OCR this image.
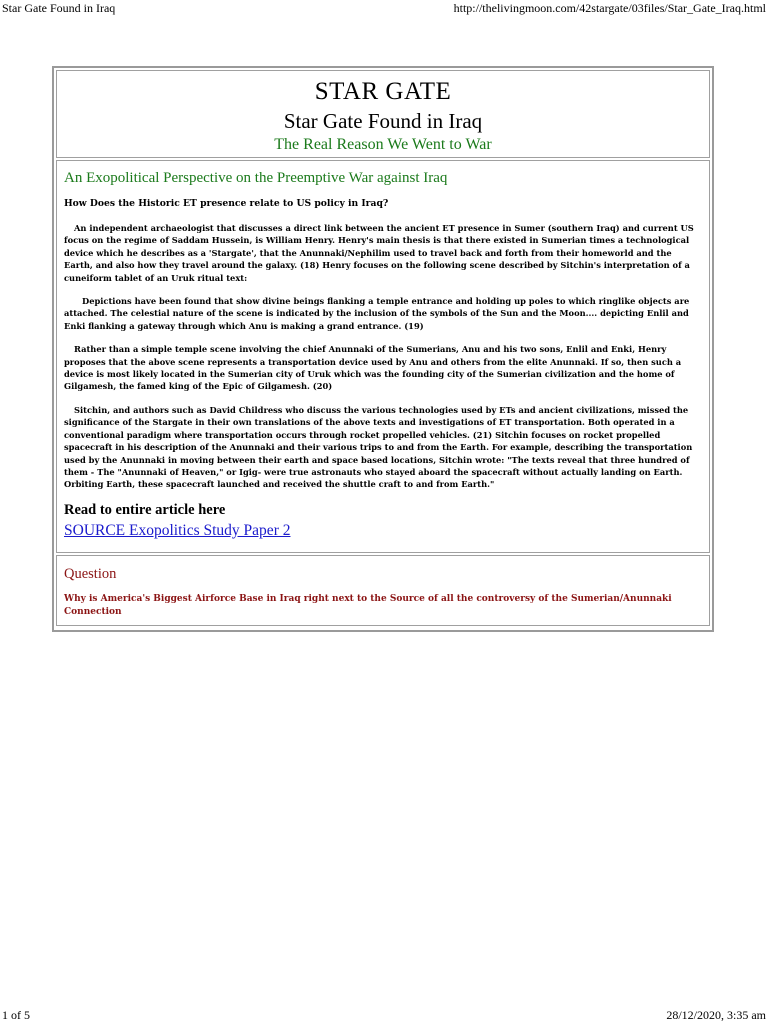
Star Gate Found in Iraq	http://thelivingmoon.com/42stargate/03files/Star_Gate_Iraq.html
STAR GATE
Star Gate Found in Iraq
The Real Reason We Went to War
An Exopolitical Perspective on the Preemptive War against Iraq
How Does the Historic ET presence relate to US policy in Iraq?

An independent archaeologist that discusses a direct link between the ancient ET presence in Sumer (southern Iraq) and current US focus on the regime of Saddam Hussein, is William Henry. Henry's main thesis is that there existed in Sumerian times a technological device which he describes as a 'Stargate', that the Anunnaki/Nephilim used to travel back and forth from their homeworld and the Earth, and also how they travel around the galaxy. (18) Henry focuses on the following scene described by Sitchin's interpretation of a cuneiform tablet of an Uruk ritual text:

Depictions have been found that show divine beings flanking a temple entrance and holding up poles to which ringlike objects are attached. The celestial nature of the scene is indicated by the inclusion of the symbols of the Sun and the Moon.... depicting Enlil and Enki flanking a gateway through which Anu is making a grand entrance. (19)

Rather than a simple temple scene involving the chief Anunnaki of the Sumerians, Anu and his two sons, Enlil and Enki, Henry proposes that the above scene represents a transportation device used by Anu and others from the elite Anunnaki. If so, then such a device is most likely located in the Sumerian city of Uruk which was the founding city of the Sumerian civilization and the home of Gilgamesh, the famed king of the Epic of Gilgamesh. (20)

Sitchin, and authors such as David Childress who discuss the various technologies used by ETs and ancient civilizations, missed the significance of the Stargate in their own translations of the above texts and investigations of ET transportation. Both operated in a conventional paradigm where transportation occurs through rocket propelled vehicles. (21) Sitchin focuses on rocket propelled spacecraft in his description of the Anunnaki and their various trips to and from the Earth. For example, describing the transportation used by the Anunnaki in moving between their earth and space based locations, Sitchin wrote: "The texts reveal that three hundred of them - The "Anunnaki of Heaven," or Igig- were true astronauts who stayed aboard the spacecraft without actually landing on Earth. Orbiting Earth, these spacecraft launched and received the shuttle craft to and from Earth."

Read to entire article here
SOURCE Exopolitics Study Paper 2
Question
Why is America's Biggest Airforce Base in Iraq right next to the Source of all the controversy of the Sumerian/Anunnaki Connection
1 of 5	28/12/2020, 3:35 am
